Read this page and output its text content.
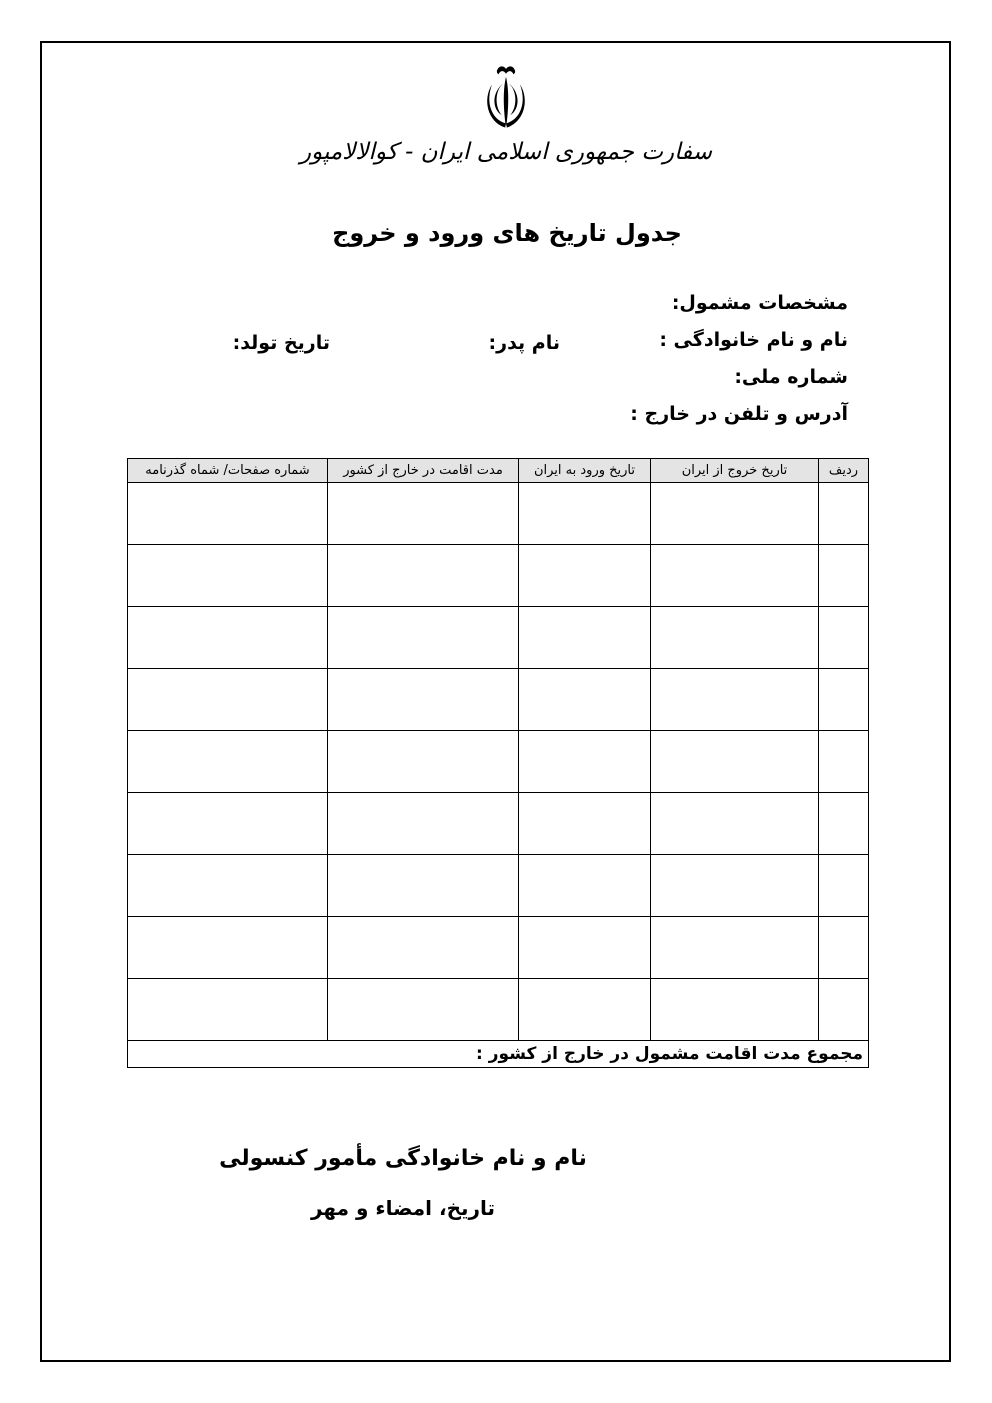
سفارت جمهوری اسلامی ایران - کوالالامپور
جدول تاریخ های ورود و خروج
مشخصات مشمول:
نام و نام خانوادگی :
شماره ملی:
آدرس و تلفن در خارج :
نام پدر:
تاریخ تولد:
ردیف	تاریخ خروج از ایران	تاریخ ورود به ایران	مدت اقامت در خارج از کشور	شماره صفحات/ شماه گذرنامه

مجموع مدت اقامت مشمول در خارج از کشور :				
نام و نام خانوادگی مأمور کنسولی
تاریخ، امضاء و مهر
